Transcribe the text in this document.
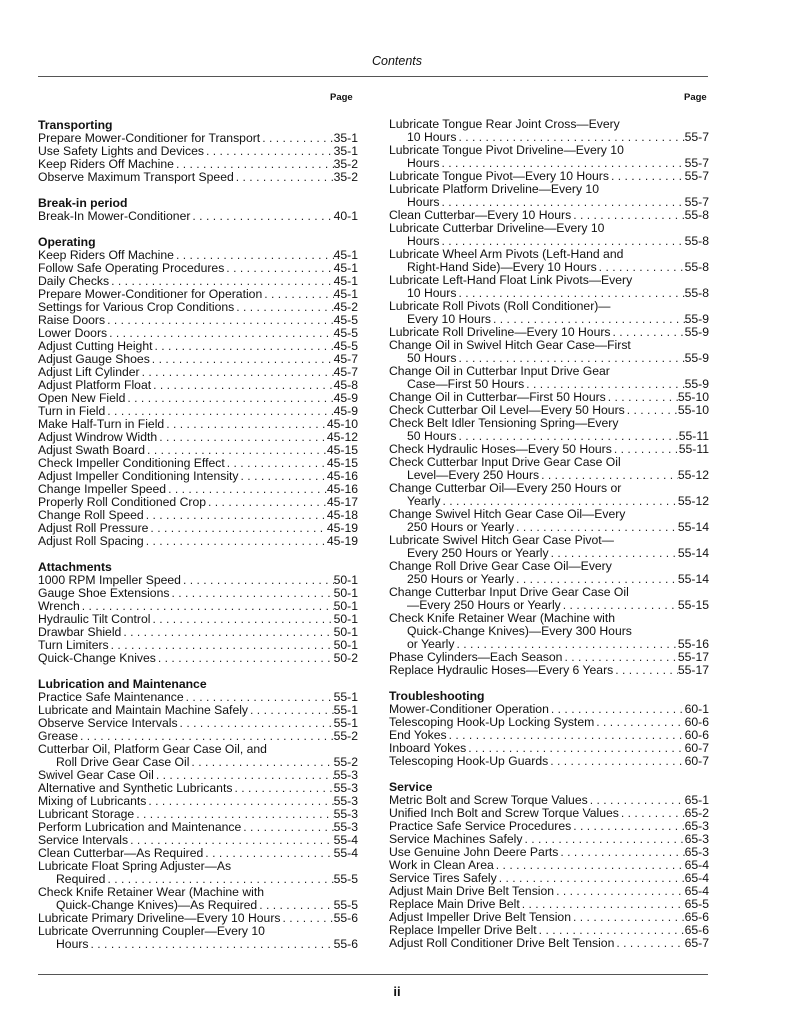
Contents
Page	Page
Transporting
Prepare Mower-Conditioner for Transport . . .	35-1
Use Safety Lights and Devices . . .	35-1
Keep Riders Off Machine . . .	35-2
Observe Maximum Transport Speed . . .	35-2
Break-in period
Break-In Mower-Conditioner . . .	40-1
Operating
Keep Riders Off Machine . . .	45-1
Follow Safe Operating Procedures . . .	45-1
Daily Checks . . .	45-1
Prepare Mower-Conditioner for Operation . . .	45-1
Settings for Various Crop Conditions . . .	45-2
Raise Doors . . .	45-5
Lower Doors . . .	45-5
Adjust Cutting Height . . .	45-5
Adjust Gauge Shoes . . .	45-7
Adjust Lift Cylinder . . .	45-7
Adjust Platform Float . . .	45-8
Open New Field . . .	45-9
Turn in Field . . .	45-9
Make Half-Turn in Field . . .	45-10
Adjust Windrow Width . . .	45-12
Adjust Swath Board . . .	45-15
Check Impeller Conditioning Effect . . .	45-15
Adjust Impeller Conditioning Intensity . . .	45-16
Change Impeller Speed . . .	45-16
Properly Roll Conditioned Crop . . .	45-17
Change Roll Speed . . .	45-18
Adjust Roll Pressure . . .	45-19
Adjust Roll Spacing . . .	45-19
Attachments
1000 RPM Impeller Speed . . .	50-1
Gauge Shoe Extensions . . .	50-1
Wrench . . .	50-1
Hydraulic Tilt Control . . .	50-1
Drawbar Shield . . .	50-1
Turn Limiters . . .	50-1
Quick-Change Knives . . .	50-2
Lubrication and Maintenance
Practice Safe Maintenance . . .	55-1
Lubricate and Maintain Machine Safely . . .	55-1
Observe Service Intervals . . .	55-1
Grease . . .	55-2
Cutterbar Oil, Platform Gear Case Oil, and
Roll Drive Gear Case Oil . . .	55-2
Swivel Gear Case Oil . . .	55-3
Alternative and Synthetic Lubricants . . .	55-3
Mixing of Lubricants . . .	55-3
Lubricant Storage . . .	55-3
Perform Lubrication and Maintenance . . .	55-3
Service Intervals . . .	55-4
Clean Cutterbar—As Required . . .	55-4
Lubricate Float Spring Adjuster—As
Required . . .	55-5
Check Knife Retainer Wear (Machine with
Quick-Change Knives)—As Required . . .	55-5
Lubricate Primary Driveline—Every 10 Hours . . .	55-6
Lubricate Overrunning Coupler—Every 10
Hours . . .	55-6
Lubricate Tongue Rear Joint Cross—Every
10 Hours . . .	55-7
Lubricate Tongue Pivot Driveline—Every 10
Hours . . .	55-7
Lubricate Tongue Pivot—Every 10 Hours . . .	55-7
Lubricate Platform Driveline—Every 10
Hours . . .	55-7
Clean Cutterbar—Every 10 Hours . . .	55-8
Lubricate Cutterbar Driveline—Every 10
Hours . . .	55-8
Lubricate Wheel Arm Pivots (Left-Hand and
Right-Hand Side)—Every 10 Hours . . .	55-8
Lubricate Left-Hand Float Link Pivots—Every
10 Hours . . .	55-8
Lubricate Roll Pivots (Roll Conditioner)—
Every 10 Hours . . .	55-9
Lubricate Roll Driveline—Every 10 Hours . . .	55-9
Change Oil in Swivel Hitch Gear Case—First
50 Hours . . .	55-9
Change Oil in Cutterbar Input Drive Gear
Case—First 50 Hours . . .	55-9
Change Oil in Cutterbar—First 50 Hours . . .	55-10
Check Cutterbar Oil Level—Every 50 Hours . . .	55-10
Check Belt Idler Tensioning Spring—Every
50 Hours . . .	55-11
Check Hydraulic Hoses—Every 50 Hours . . .	55-11
Check Cutterbar Input Drive Gear Case Oil
Level—Every 250 Hours . . .	55-12
Change Cutterbar Oil—Every 250 Hours or
Yearly . . .	55-12
Change Swivel Hitch Gear Case Oil—Every
250 Hours or Yearly . . .	55-14
Lubricate Swivel Hitch Gear Case Pivot—
Every 250 Hours or Yearly . . .	55-14
Change Roll Drive Gear Case Oil—Every
250 Hours or Yearly . . .	55-14
Change Cutterbar Input Drive Gear Case Oil
—Every 250 Hours or Yearly . . .	55-15
Check Knife Retainer Wear (Machine with
Quick-Change Knives)—Every 300 Hours
or Yearly . . .	55-16
Phase Cylinders—Each Season . . .	55-17
Replace Hydraulic Hoses—Every 6 Years . . .	55-17
Troubleshooting
Mower-Conditioner Operation . . .	60-1
Telescoping Hook-Up Locking System . . .	60-6
End Yokes . . .	60-6
Inboard Yokes . . .	60-7
Telescoping Hook-Up Guards . . .	60-7
Service
Metric Bolt and Screw Torque Values . . .	65-1
Unified Inch Bolt and Screw Torque Values . . .	65-2
Practice Safe Service Procedures . . .	65-3
Service Machines Safely . . .	65-3
Use Genuine John Deere Parts . . .	65-3
Work in Clean Area . . .	65-4
Service Tires Safely . . .	65-4
Adjust Main Drive Belt Tension . . .	65-4
Replace Main Drive Belt . . .	65-5
Adjust Impeller Drive Belt Tension . . .	65-6
Replace Impeller Drive Belt . . .	65-6
Adjust Roll Conditioner Drive Belt Tension . . .	65-7
ii
